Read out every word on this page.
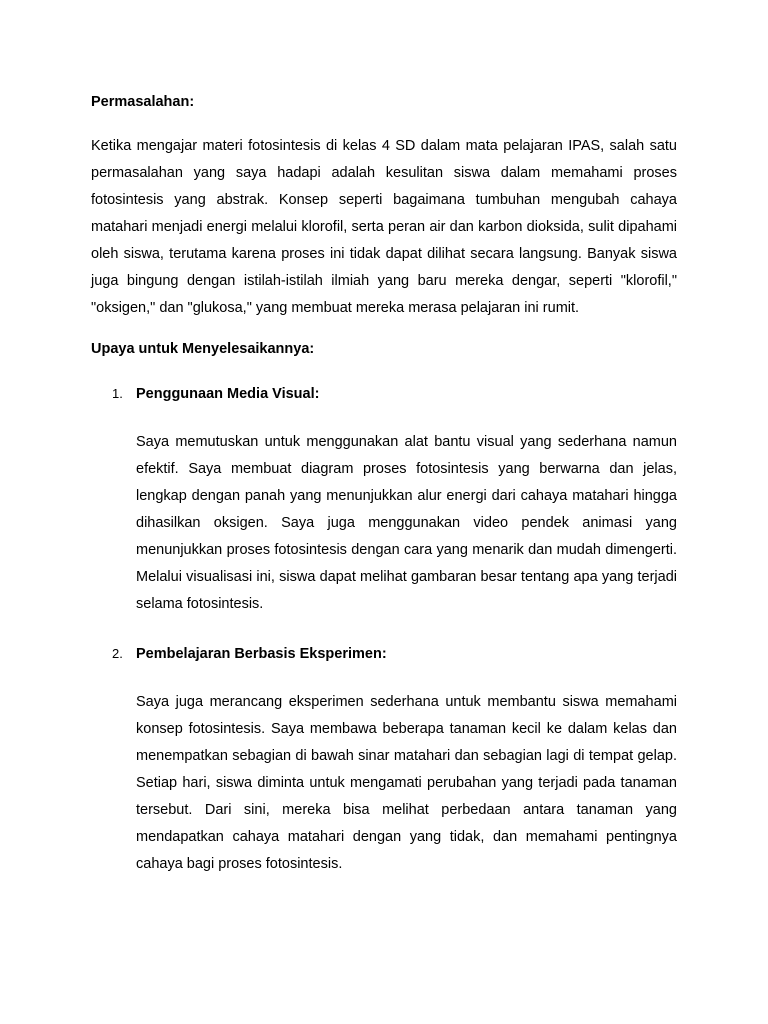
Permasalahan:

Ketika mengajar materi fotosintesis di kelas 4 SD dalam mata pelajaran IPAS, salah satu permasalahan yang saya hadapi adalah kesulitan siswa dalam memahami proses fotosintesis yang abstrak. Konsep seperti bagaimana tumbuhan mengubah cahaya matahari menjadi energi melalui klorofil, serta peran air dan karbon dioksida, sulit dipahami oleh siswa, terutama karena proses ini tidak dapat dilihat secara langsung. Banyak siswa juga bingung dengan istilah-istilah ilmiah yang baru mereka dengar, seperti "klorofil," "oksigen," dan "glukosa," yang membuat mereka merasa pelajaran ini rumit.

Upaya untuk Menyelesaikannya:

1. Penggunaan Media Visual:

Saya memutuskan untuk menggunakan alat bantu visual yang sederhana namun efektif. Saya membuat diagram proses fotosintesis yang berwarna dan jelas, lengkap dengan panah yang menunjukkan alur energi dari cahaya matahari hingga dihasilkan oksigen. Saya juga menggunakan video pendek animasi yang menunjukkan proses fotosintesis dengan cara yang menarik dan mudah dimengerti. Melalui visualisasi ini, siswa dapat melihat gambaran besar tentang apa yang terjadi selama fotosintesis.

2. Pembelajaran Berbasis Eksperimen:

Saya juga merancang eksperimen sederhana untuk membantu siswa memahami konsep fotosintesis. Saya membawa beberapa tanaman kecil ke dalam kelas dan menempatkan sebagian di bawah sinar matahari dan sebagian lagi di tempat gelap. Setiap hari, siswa diminta untuk mengamati perubahan yang terjadi pada tanaman tersebut. Dari sini, mereka bisa melihat perbedaan antara tanaman yang mendapatkan cahaya matahari dengan yang tidak, dan memahami pentingnya cahaya bagi proses fotosintesis.
